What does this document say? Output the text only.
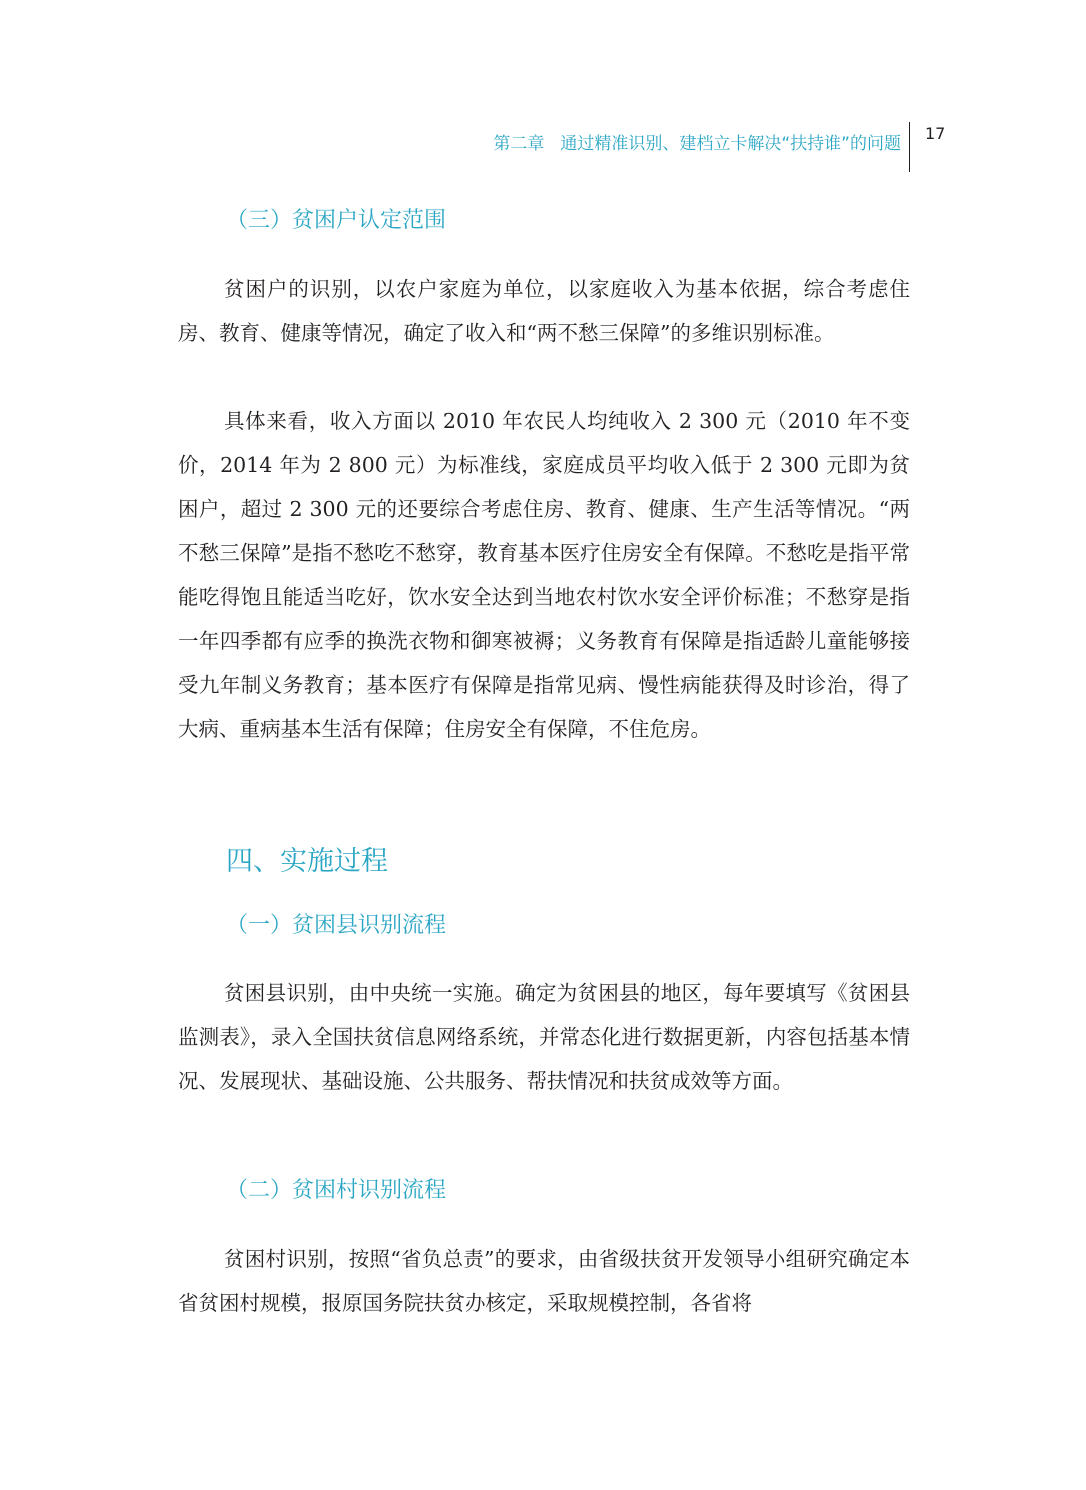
第二章 通过精准识别、建档立卡解决“扶持谁”的问题
17
（三）贫困户认定范围

贫困户的识别，以农户家庭为单位，以家庭收入为基本依据，综合考虑住房、教育、健康等情况，确定了收入和“两不愁三保障”的多维识别标准。

具体来看，收入方面以 2010 年农民人均纯收入 2 300 元（2010 年不变价，2014 年为 2 800 元）为标准线，家庭成员平均收入低于 2 300 元即为贫困户，超过 2 300 元的还要综合考虑住房、教育、健康、生产生活等情况。“两不愁三保障”是指不愁吃不愁穿，教育基本医疗住房安全有保障。不愁吃是指平常能吃得饱且能适当吃好，饮水安全达到当地农村饮水安全评价标准；不愁穿是指一年四季都有应季的换洗衣物和御寒被褥；义务教育有保障是指适龄儿童能够接受九年制义务教育；基本医疗有保障是指常见病、慢性病能获得及时诊治，得了大病、重病基本生活有保障；住房安全有保障，不住危房。

四、实施过程
（一）贫困县识别流程

贫困县识别，由中央统一实施。确定为贫困县的地区，每年要填写《贫困县监测表》，录入全国扶贫信息网络系统，并常态化进行数据更新，内容包括基本情况、发展现状、基础设施、公共服务、帮扶情况和扶贫成效等方面。

（二）贫困村识别流程

贫困村识别，按照“省负总责”的要求，由省级扶贫开发领导小组研究确定本省贫困村规模，报原国务院扶贫办核定，采取规模控制，各省将
